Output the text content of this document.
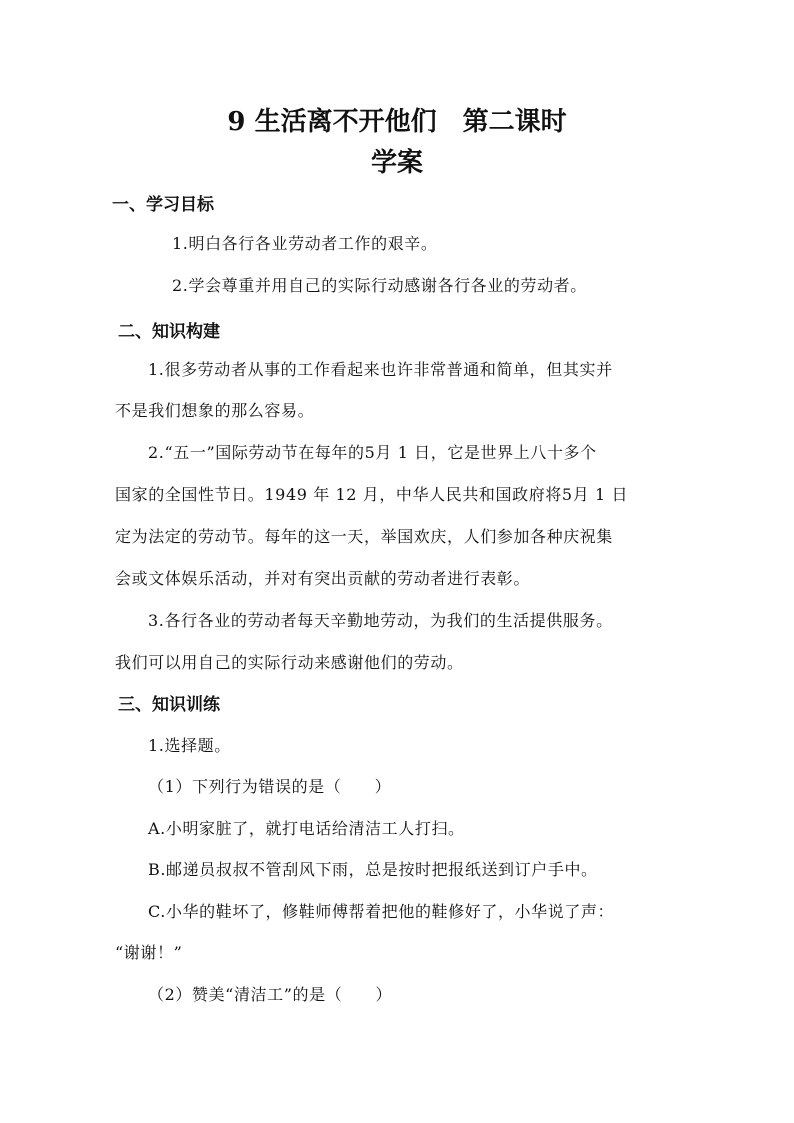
9 生活离不开他们　第二课时
学案
一、学习目标
1.明白各行各业劳动者工作的艰辛。
2.学会尊重并用自己的实际行动感谢各行各业的劳动者。
二、知识构建
1.很多劳动者从事的工作看起来也许非常普通和简单，但其实并
不是我们想象的那么容易。
2.“五一”国际劳动节在每年的5月 1 日，它是世界上八十多个
国家的全国性节日。1949 年 12 月，中华人民共和国政府将5月 1 日
定为法定的劳动节。每年的这一天，举国欢庆，人们参加各种庆祝集
会或文体娱乐活动，并对有突出贡献的劳动者进行表彰。
3.各行各业的劳动者每天辛勤地劳动，为我们的生活提供服务。
我们可以用自己的实际行动来感谢他们的劳动。
三、知识训练
1.选择题。
（1）下列行为错误的是（　　）
A.小明家脏了，就打电话给清洁工人打扫。
B.邮递员叔叔不管刮风下雨，总是按时把报纸送到订户手中。
C.小华的鞋坏了，修鞋师傅帮着把他的鞋修好了，小华说了声：
“谢谢！”
（2）赞美“清洁工”的是（　　）
